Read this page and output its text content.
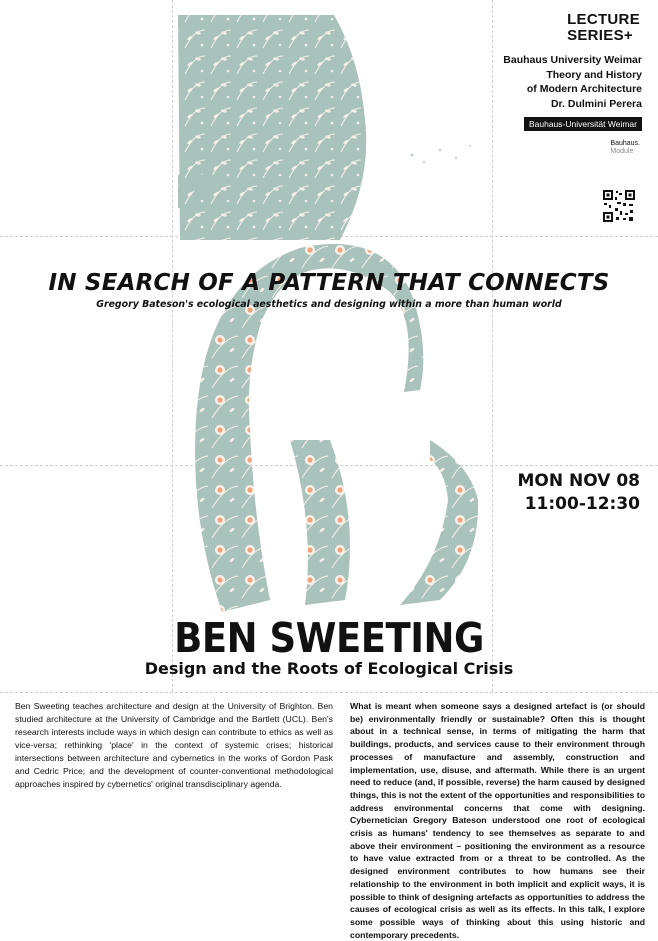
LECTURE
SERIES+
Bauhaus University Weimar
Theory and History
of Modern Architecture
Dr. Dulmini Perera
Bauhaus-Universität Weimar
Bauhaus.
Module
IN SEARCH OF A PATTERN THAT CONNECTS
Gregory Bateson's ecological aesthetics and designing within a more than human world
MON NOV 08
11:00-12:30
BEN SWEETING
Design and the Roots of Ecological Crisis
Ben Sweeting teaches architecture and design at the University of Brighton. Ben studied architecture at the University of Cambridge and the Bartlett (UCL). Ben's research interests include ways in which design can contribute to ethics as well as vice-versa; rethinking 'place' in the context of systemic crises; historical intersections between architecture and cybernetics in the works of Gordon Pask and Cedric Price; and the development of counter-conventional methodological approaches inspired by cybernetics' original transdisciplinary agenda.
What is meant when someone says a designed artefact is (or should be) environmentally friendly or sustainable? Often this is thought about in a technical sense, in terms of mitigating the harm that buildings, products, and services cause to their environment through processes of manufacture and assembly, construction and implementation, use, disuse, and aftermath. While there is an urgent need to reduce (and, if possible, reverse) the harm caused by designed things, this is not the extent of the opportunities and responsibilities to address environmental concerns that come with designing. Cybernetician Gregory Bateson understood one root of ecological crisis as humans' tendency to see themselves as separate to and above their environment – positioning the environment as a resource to have value extracted from or a threat to be controlled. As the designed environment contributes to how humans see their relationship to the environment in both implicit and explicit ways, it is possible to think of designing artefacts as opportunities to address the causes of ecological crisis as well as its effects. In this talk, I explore some possible ways of thinking about this using historic and contemporary precedents.
